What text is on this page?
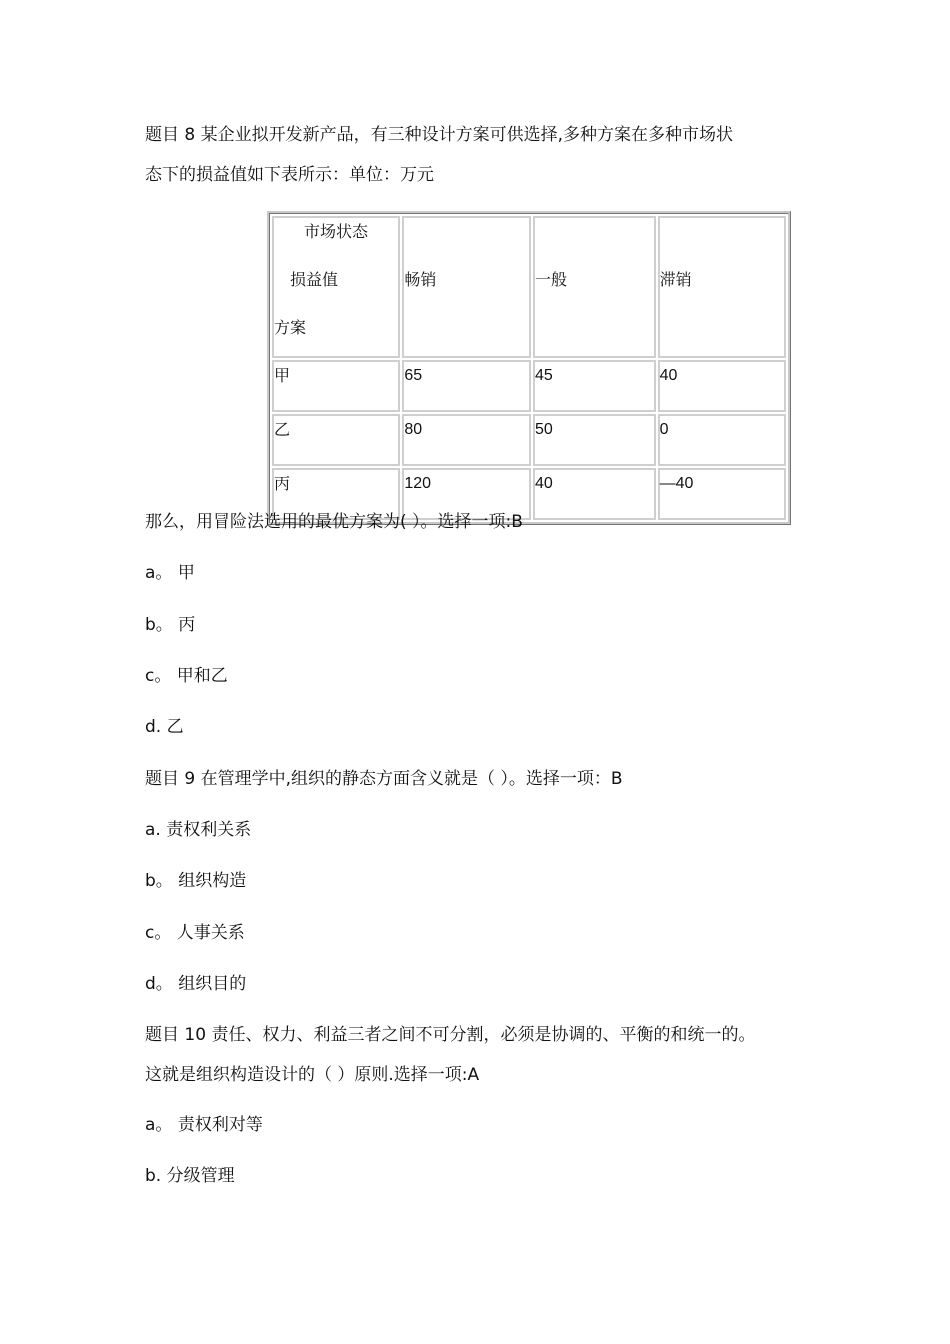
题目 8 某企业拟开发新产品，有三种设计方案可供选择,多种方案在多种市场状
态下的损益值如下表所示：单位：万元
市场状态
损益值
方案	畅销	一般	滞销
甲	65	45	40
乙	80	50	0
丙	120	40	—40
那么，用冒险法选用的最优方案为( ）。选择一项:B
a。 甲
b。 丙
c。 甲和乙
d. 乙
题目 9 在管理学中,组织的静态方面含义就是（ ）。选择一项：B
a. 责权利关系
b。 组织构造
c。 人事关系
d。 组织目的
题目 10 责任、权力、利益三者之间不可分割，必须是协调的、平衡的和统一的。
这就是组织构造设计的（ ）原则.选择一项:A
a。 责权利对等
b. 分级管理
